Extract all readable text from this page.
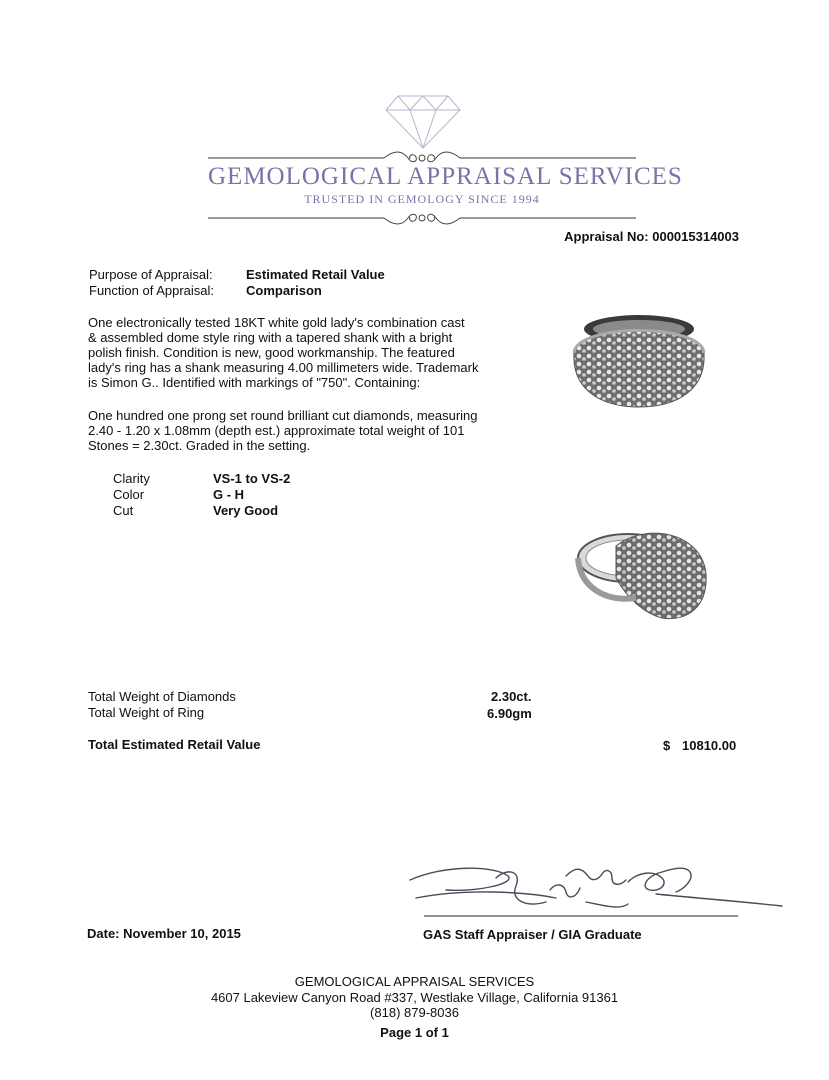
GEMOLOGICAL APPRAISAL SERVICES
TRUSTED IN GEMOLOGY SINCE 1994
Appraisal No: 000015314003
Purpose of Appraisal:	Estimated Retail Value
Function of Appraisal: Comparison
One electronically tested 18KT white gold lady's combination cast
& assembled dome style ring with a tapered shank with a bright
polish finish. Condition is new, good workmanship. The featured
lady's ring has a shank measuring 4.00 millimeters wide. Trademark
is Simon G.. Identified with markings of "750". Containing:
One hundred one prong set round brilliant cut diamonds, measuring
2.40 - 1.20 x 1.08mm (depth est.) approximate total weight of 101
Stones = 2.30ct. Graded in the setting.
Clarity	VS-1 to VS-2
Color	G - H
Cut	Very Good
Total Weight of Diamonds	2.30ct.
Total Weight of Ring	6.90gm
Total Estimated Retail Value	$ 10810.00
Date: November 10, 2015	GAS Staff Appraiser / GIA Graduate
GEMOLOGICAL APPRAISAL SERVICES
4607 Lakeview Canyon Road #337, Westlake Village, California 91361
(818) 879-8036
Page 1 of 1
